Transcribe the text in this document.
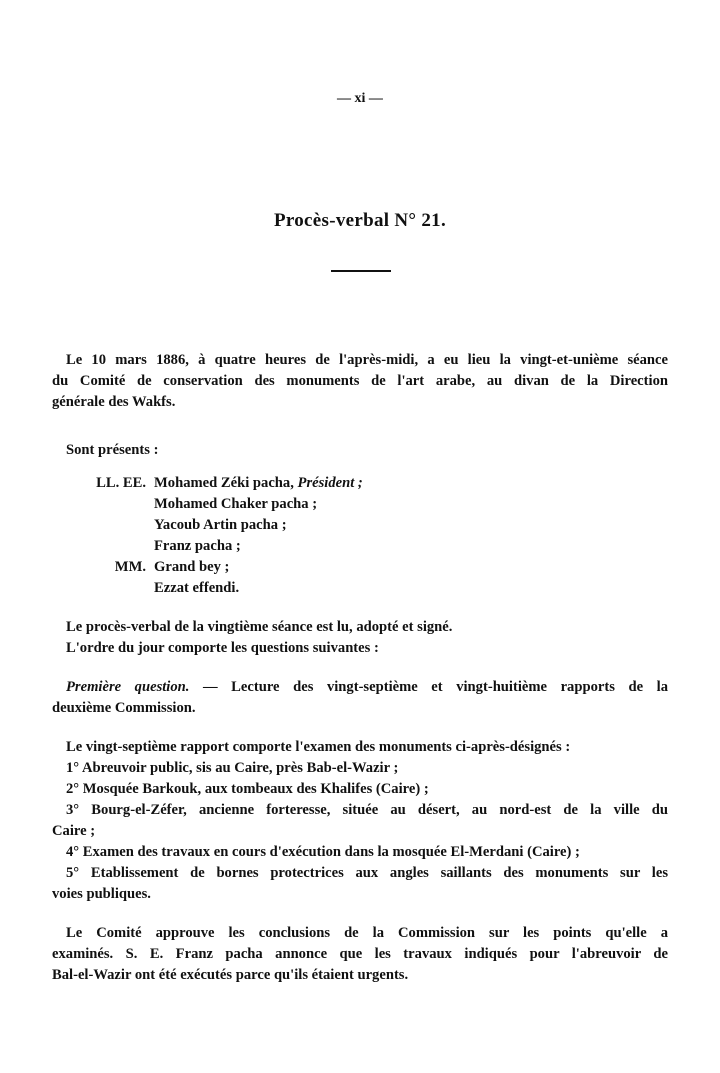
— xi —
Procès-verbal N° 21.
Le 10 mars 1886, à quatre heures de l'après-midi, a eu lieu la vingt-et-unième séance
du Comité de conservation des monuments de l'art arabe, au divan de la Direction
générale des Wakfs.
Sont présents :
LL. EE. Mohamed Zéki pacha, Président ;
Mohamed Chaker pacha ;
Yacoub Artin pacha ;
Franz pacha ;
MM. Grand bey ;
Ezzat effendi.
Le procès-verbal de la vingtième séance est lu, adopté et signé.
L'ordre du jour comporte les questions suivantes :
Première question. — Lecture des vingt-septième et vingt-huitième rapports de la
deuxième Commission.
Le vingt-septième rapport comporte l'examen des monuments ci-après-désignés :
1° Abreuvoir public, sis au Caire, près Bab-el-Wazir ;
2° Mosquée Barkouk, aux tombeaux des Khalifes (Caire) ;
3° Bourg-el-Zéfer, ancienne forteresse, située au désert, au nord-est de la ville du
Caire ;
4° Examen des travaux en cours d'exécution dans la mosquée El-Merdani (Caire) ;
5° Etablissement de bornes protectrices aux angles saillants des monuments sur les
voies publiques.
Le Comité approuve les conclusions de la Commission sur les points qu'elle a
examinés. S. E. Franz pacha annonce que les travaux indiqués pour l'abreuvoir de
Bal-el-Wazir ont été exécutés parce qu'ils étaient urgents.
